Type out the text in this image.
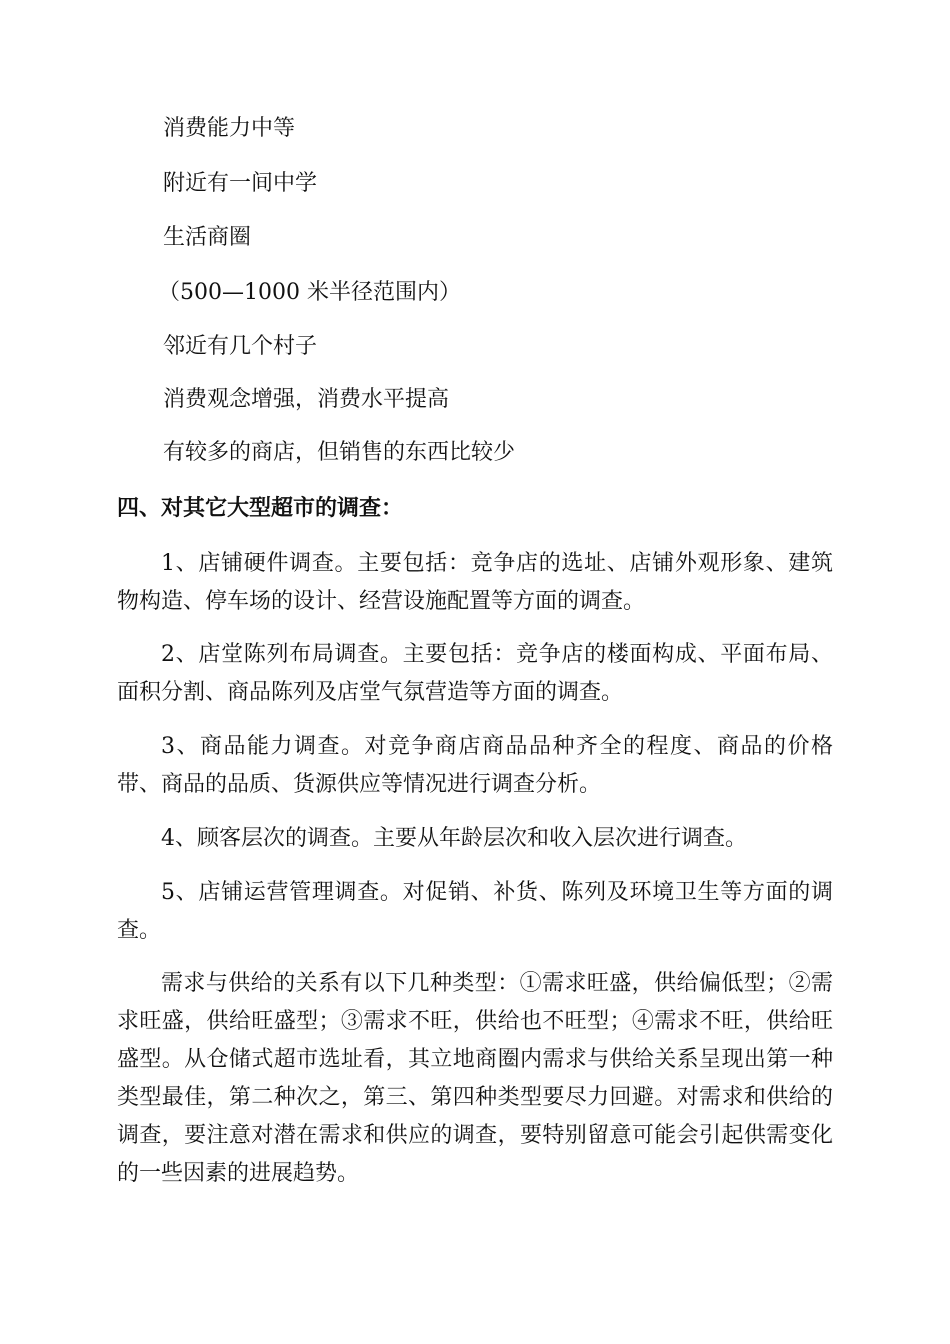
消费能力中等
附近有一间中学
生活商圈
（500—1000 米半径范围内）
邻近有几个村子
消费观念增强，消费水平提高
有较多的商店，但销售的东西比较少
四、对其它大型超市的调查：
1、店铺硬件调查。主要包括：竞争店的选址、店铺外观形象、建筑物构造、停车场的设计、经营设施配置等方面的调查。
2、店堂陈列布局调查。主要包括：竞争店的楼面构成、平面布局、面积分割、商品陈列及店堂气氛营造等方面的调查。
3、商品能力调查。对竞争商店商品品种齐全的程度、商品的价格带、商品的品质、货源供应等情况进行调查分析。
4、顾客层次的调查。主要从年龄层次和收入层次进行调查。
5、店铺运营管理调查。对促销、补货、陈列及环境卫生等方面的调查。
需求与供给的关系有以下几种类型：①需求旺盛，供给偏低型；②需求旺盛，供给旺盛型；③需求不旺，供给也不旺型；④需求不旺，供给旺盛型。从仓储式超市选址看，其立地商圈内需求与供给关系呈现出第一种类型最佳，第二种次之，第三、第四种类型要尽力回避。对需求和供给的调查，要注意对潜在需求和供应的调查，要特别留意可能会引起供需变化的一些因素的进展趋势。
